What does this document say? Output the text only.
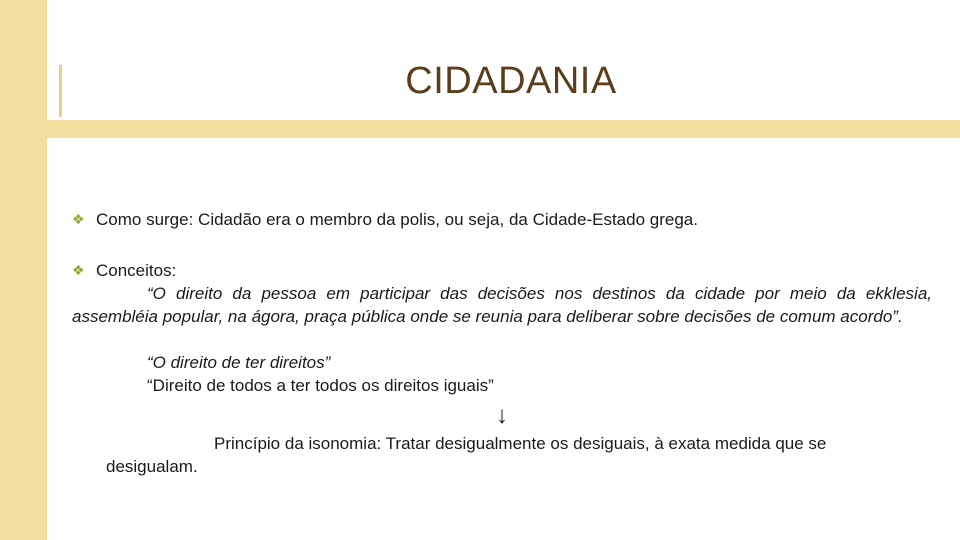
CIDADANIA
❖ Como surge: Cidadão era o membro da polis, ou seja, da Cidade-Estado grega.
❖ Conceitos:
“O direito da pessoa em participar das decisões nos destinos da cidade por meio da ekklesia, assembléia popular, na ágora, praça pública onde se reunia para deliberar sobre decisões de comum acordo”.
“O direito de ter direitos”
“Direito de todos a ter todos os direitos iguais”
↓
Princípio da isonomia: Tratar desigualmente os desiguais, à exata medida que se desigualam.
